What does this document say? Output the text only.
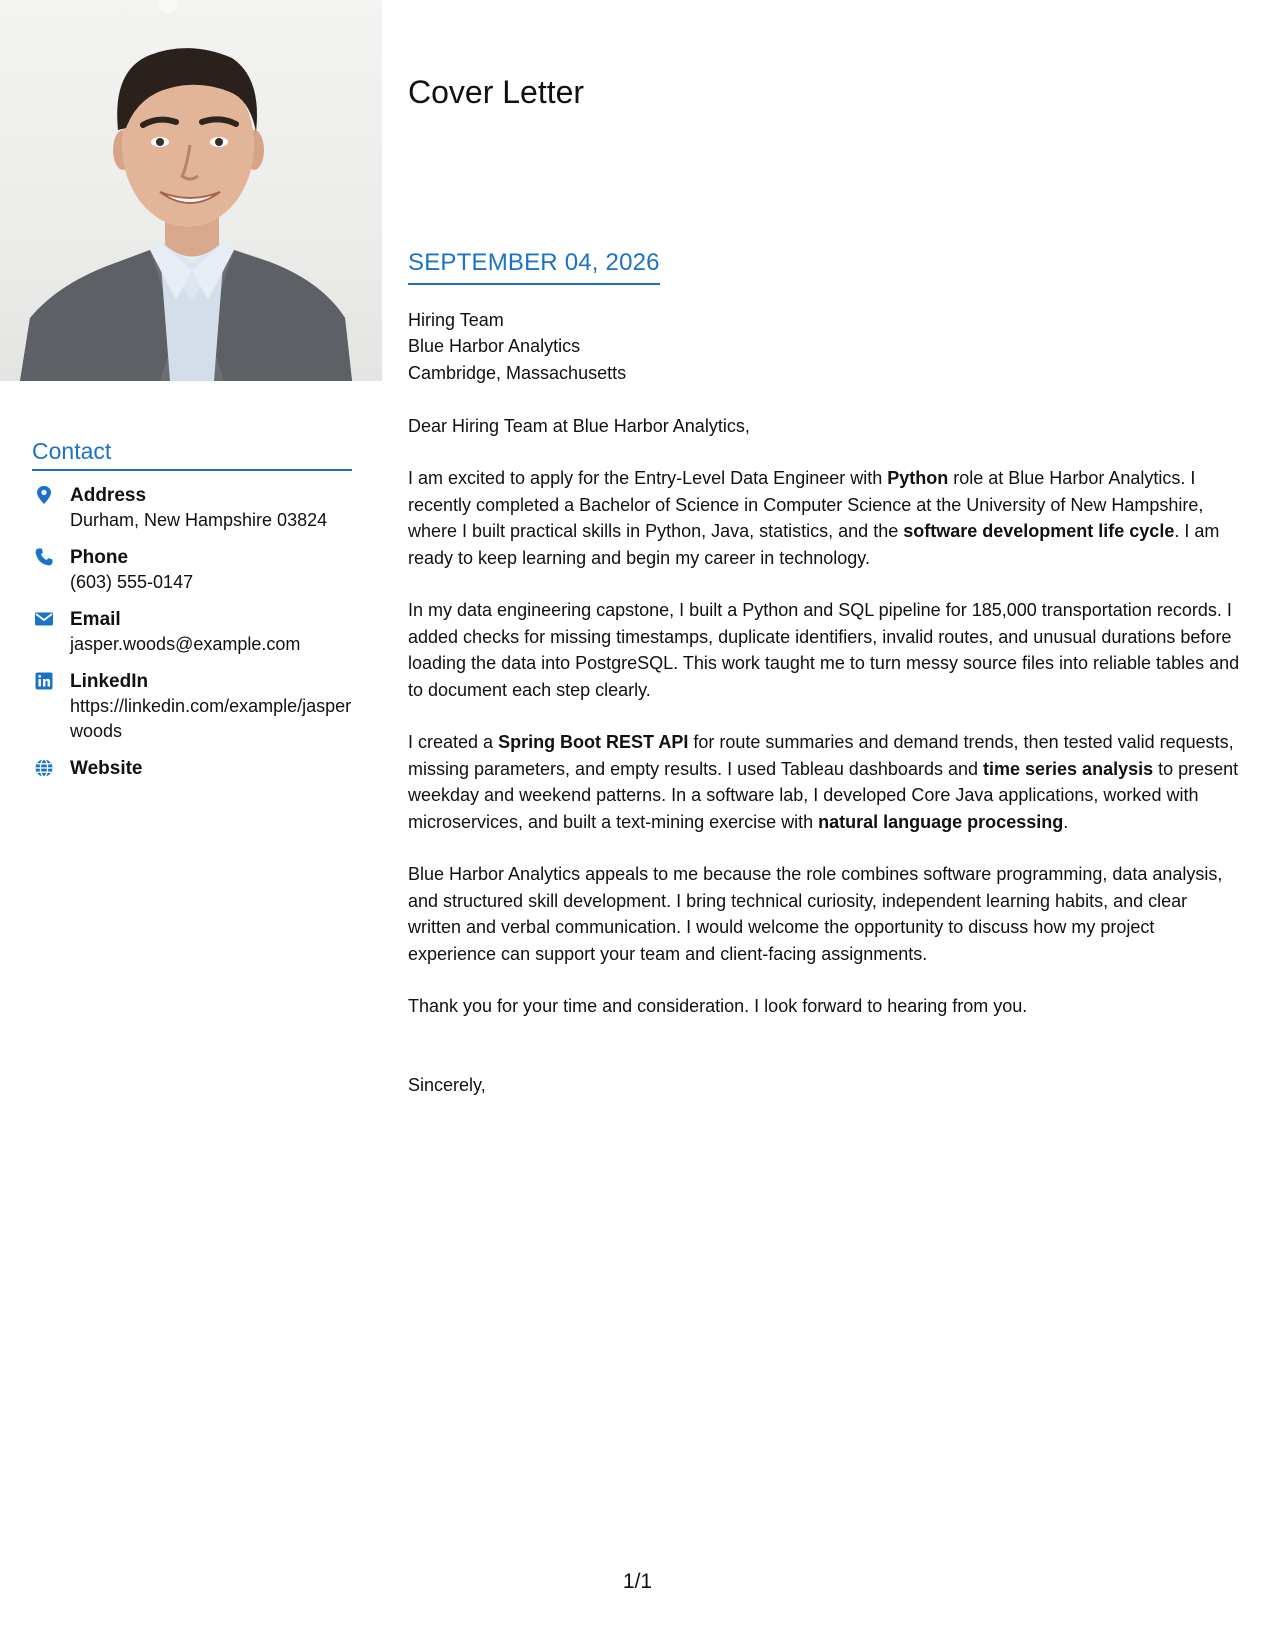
Contact
Address
Durham, New Hampshire 03824
Phone
(603) 555-0147
Email
jasper.woods@example.com
LinkedIn
https://linkedin.com/example/jasperwoods
Website
Cover Letter
SEPTEMBER 04, 2026

Hiring Team

Blue Harbor Analytics

Cambridge, Massachusetts

Dear Hiring Team at Blue Harbor Analytics,

I am excited to apply for the Entry-Level Data Engineer with Python role at Blue Harbor Analytics. I recently completed a Bachelor of Science in Computer Science at the University of New Hampshire, where I built practical skills in Python, Java, statistics, and the software development life cycle. I am ready to keep learning and begin my career in technology.

In my data engineering capstone, I built a Python and SQL pipeline for 185,000 transportation records. I added checks for missing timestamps, duplicate identifiers, invalid routes, and unusual durations before loading the data into PostgreSQL. This work taught me to turn messy source files into reliable tables and to document each step clearly.

I created a Spring Boot REST API for route summaries and demand trends, then tested valid requests, missing parameters, and empty results. I used Tableau dashboards and time series analysis to present weekday and weekend patterns. In a software lab, I developed Core Java applications, worked with microservices, and built a text-mining exercise with natural language processing.

Blue Harbor Analytics appeals to me because the role combines software programming, data analysis, and structured skill development. I bring technical curiosity, independent learning habits, and clear written and verbal communication. I would welcome the opportunity to discuss how my project experience can support your team and client-facing assignments.

Thank you for your time and consideration. I look forward to hearing from you.

Sincerely,

1/1
